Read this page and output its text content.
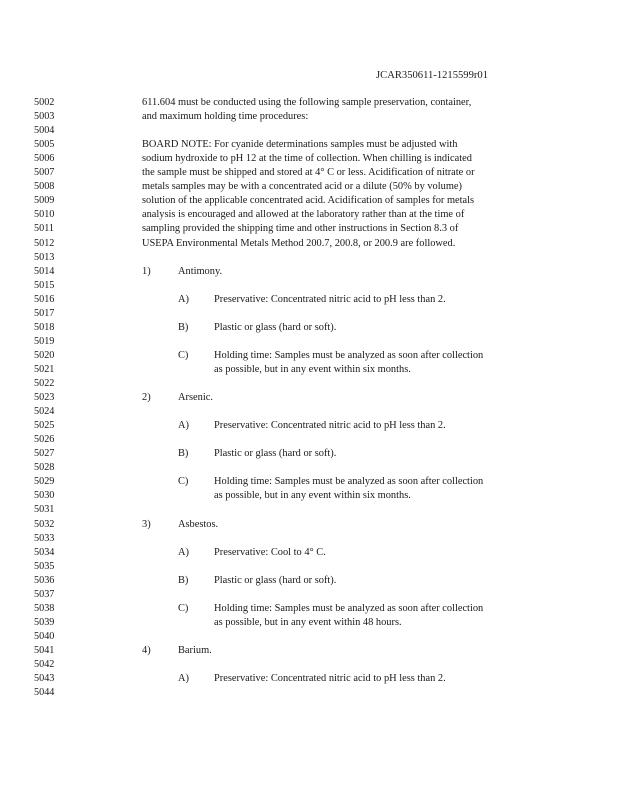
JCAR350611-1215599r01
5002
5003
5004
5005
5006
5007
5008
5009
5010
5011
5012
5013
5014
5015
5016
5017
5018
5019
5020
5021
5022
5023
5024
5025
5026
5027
5028
5029
5030
5031
5032
5033
5034
5035
5036
5037
5038
5039
5040
5041
5042
5043
5044
611.604 must be conducted using the following sample preservation, container,
and maximum holding time procedures:
BOARD NOTE: For cyanide determinations samples must be adjusted with
sodium hydroxide to pH 12 at the time of collection. When chilling is indicated
the sample must be shipped and stored at 4° C or less. Acidification of nitrate or
metals samples may be with a concentrated acid or a dilute (50% by volume)
solution of the applicable concentrated acid. Acidification of samples for metals
analysis is encouraged and allowed at the laboratory rather than at the time of
sampling provided the shipping time and other instructions in Section 8.3 of
USEPA Environmental Metals Method 200.7, 200.8, or 200.9 are followed.
1)	Antimony.
A) Preservative: Concentrated nitric acid to pH less than 2.
B) Plastic or glass (hard or soft).
C) Holding time: Samples must be analyzed as soon after collection
as possible, but in any event within six months.
2)	Arsenic.
A) Preservative: Concentrated nitric acid to pH less than 2.
B) Plastic or glass (hard or soft).
C) Holding time: Samples must be analyzed as soon after collection
as possible, but in any event within six months.
3)	Asbestos.
A) Preservative: Cool to 4° C.
B) Plastic or glass (hard or soft).
C) Holding time: Samples must be analyzed as soon after collection
as possible, but in any event within 48 hours.
4)	Barium.
A) Preservative: Concentrated nitric acid to pH less than 2.
